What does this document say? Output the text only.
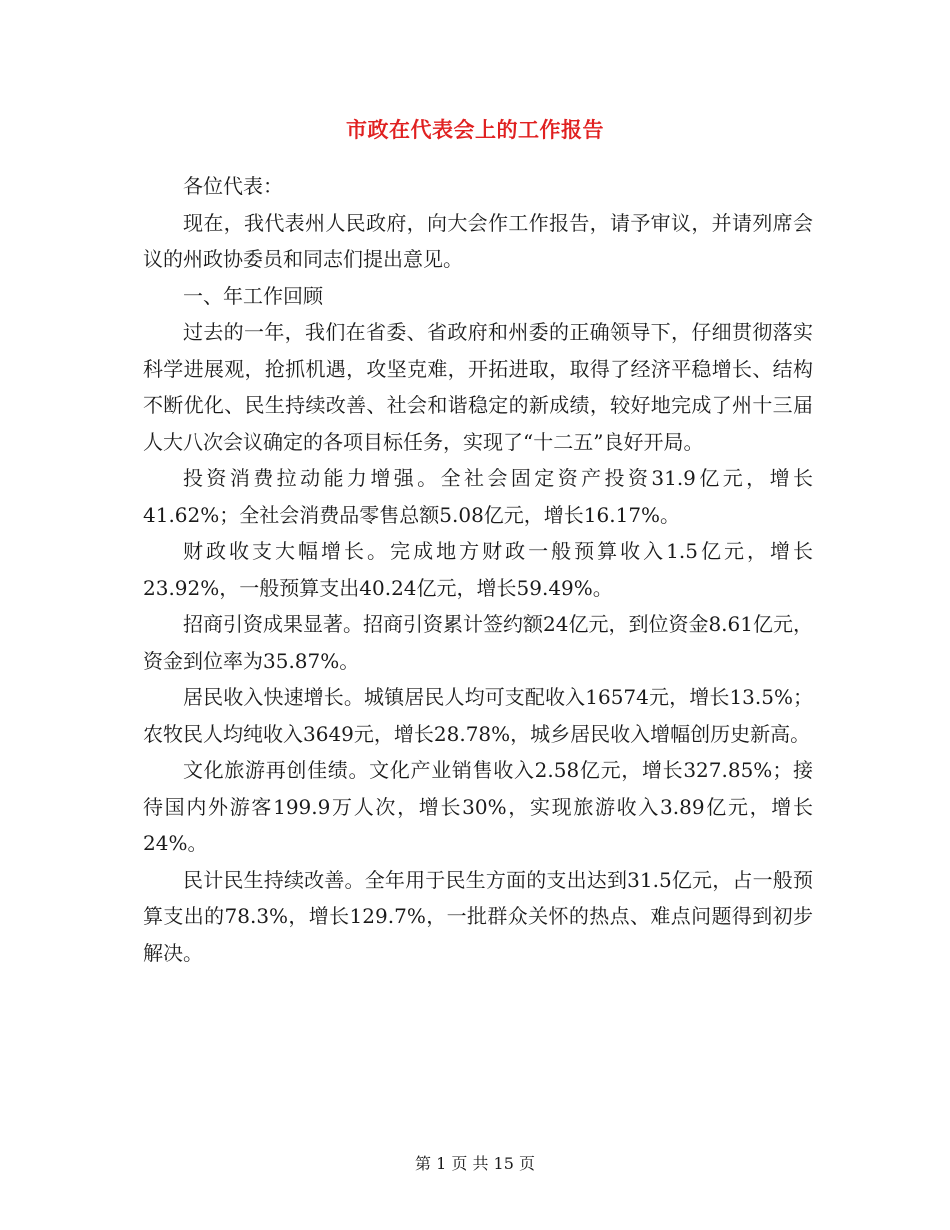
市政在代表会上的工作报告

各位代表：

现在，我代表州人民政府，向大会作工作报告，请予审议，并请列席会议的州政协委员和同志们提出意见。

一、年工作回顾

过去的一年，我们在省委、省政府和州委的正确领导下，仔细贯彻落实科学进展观，抢抓机遇，攻坚克难，开拓进取，取得了经济平稳增长、结构不断优化、民生持续改善、社会和谐稳定的新成绩，较好地完成了州十三届人大八次会议确定的各项目标任务，实现了“十二五”良好开局。

投资消费拉动能力增强。全社会固定资产投资31.9亿元，增长41.62%；全社会消费品零售总额5.08亿元，增长16.17%。

财政收支大幅增长。完成地方财政一般预算收入1.5亿元，增长23.92%，一般预算支出40.24亿元，增长59.49%。

招商引资成果显著。招商引资累计签约额24亿元，到位资金8.61亿元，资金到位率为35.87%。

居民收入快速增长。城镇居民人均可支配收入16574元，增长13.5%；农牧民人均纯收入3649元，增长28.78%，城乡居民收入增幅创历史新高。

文化旅游再创佳绩。文化产业销售收入2.58亿元，增长327.85%；接待国内外游客199.9万人次，增长30%，实现旅游收入3.89亿元，增长24%。

民计民生持续改善。全年用于民生方面的支出达到31.5亿元，占一般预算支出的78.3%，增长129.7%，一批群众关怀的热点、难点问题得到初步解决。

第 1 页 共 15 页
